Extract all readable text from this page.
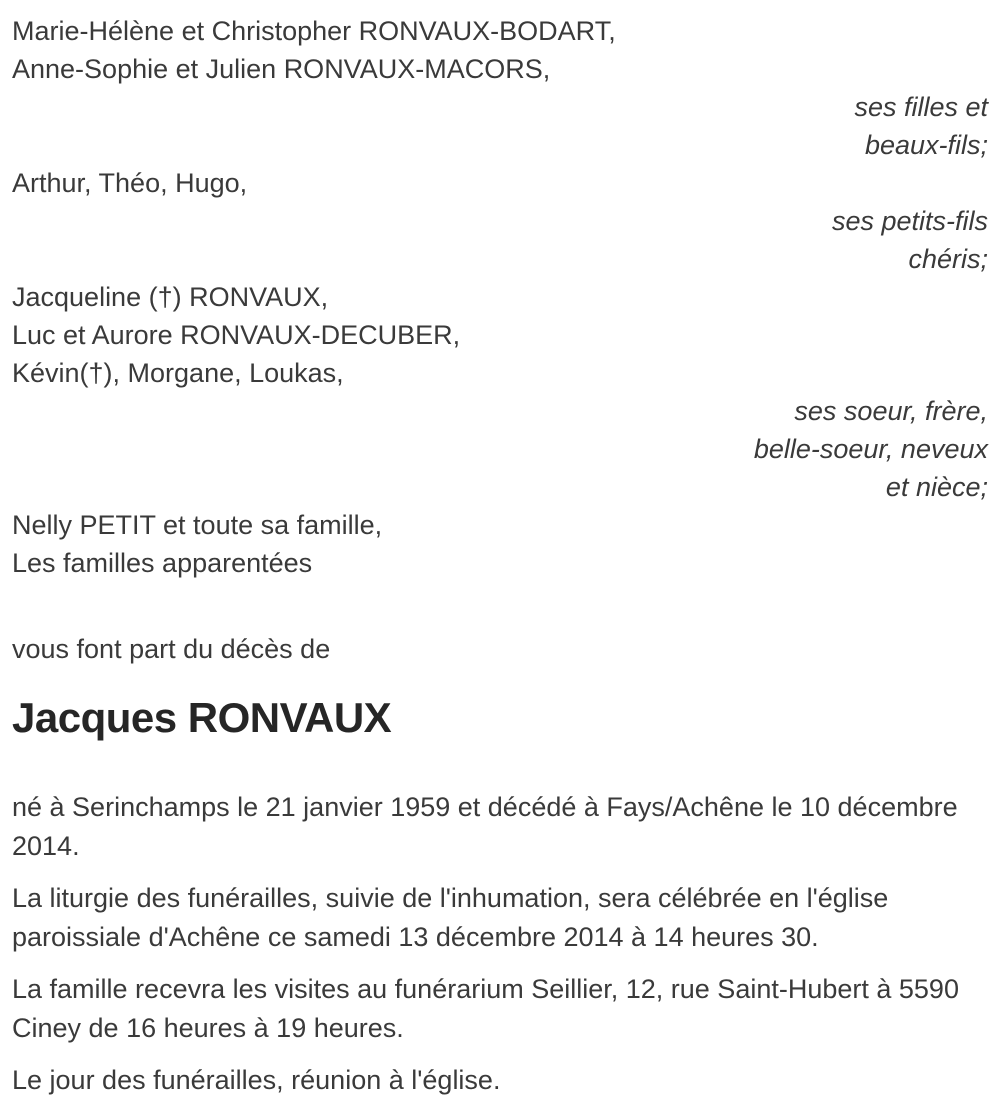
Marie-Hélène et Christopher RONVAUX-BODART,

Anne-Sophie et Julien RONVAUX-MACORS,

ses filles et

beaux-fils;

Arthur, Théo, Hugo,

ses petits-fils

chéris;

Jacqueline (†) RONVAUX,

Luc et Aurore RONVAUX-DECUBER,

Kévin(†), Morgane, Loukas,

ses soeur, frère,

belle-soeur, neveux

et nièce;

Nelly PETIT et toute sa famille,

Les familles apparentées

vous font part du décès de

Jacques RONVAUX

né à Serinchamps le 21 janvier 1959 et décédé à Fays/Achêne le 10 décembre 2014.

La liturgie des funérailles, suivie de l'inhumation, sera célébrée en l'église paroissiale d'Achêne ce samedi 13 décembre 2014 à 14 heures 30.

La famille recevra les visites au funérarium Seillier, 12, rue Saint-Hubert à 5590 Ciney de 16 heures à 19 heures.

Le jour des funérailles, réunion à l'église.
